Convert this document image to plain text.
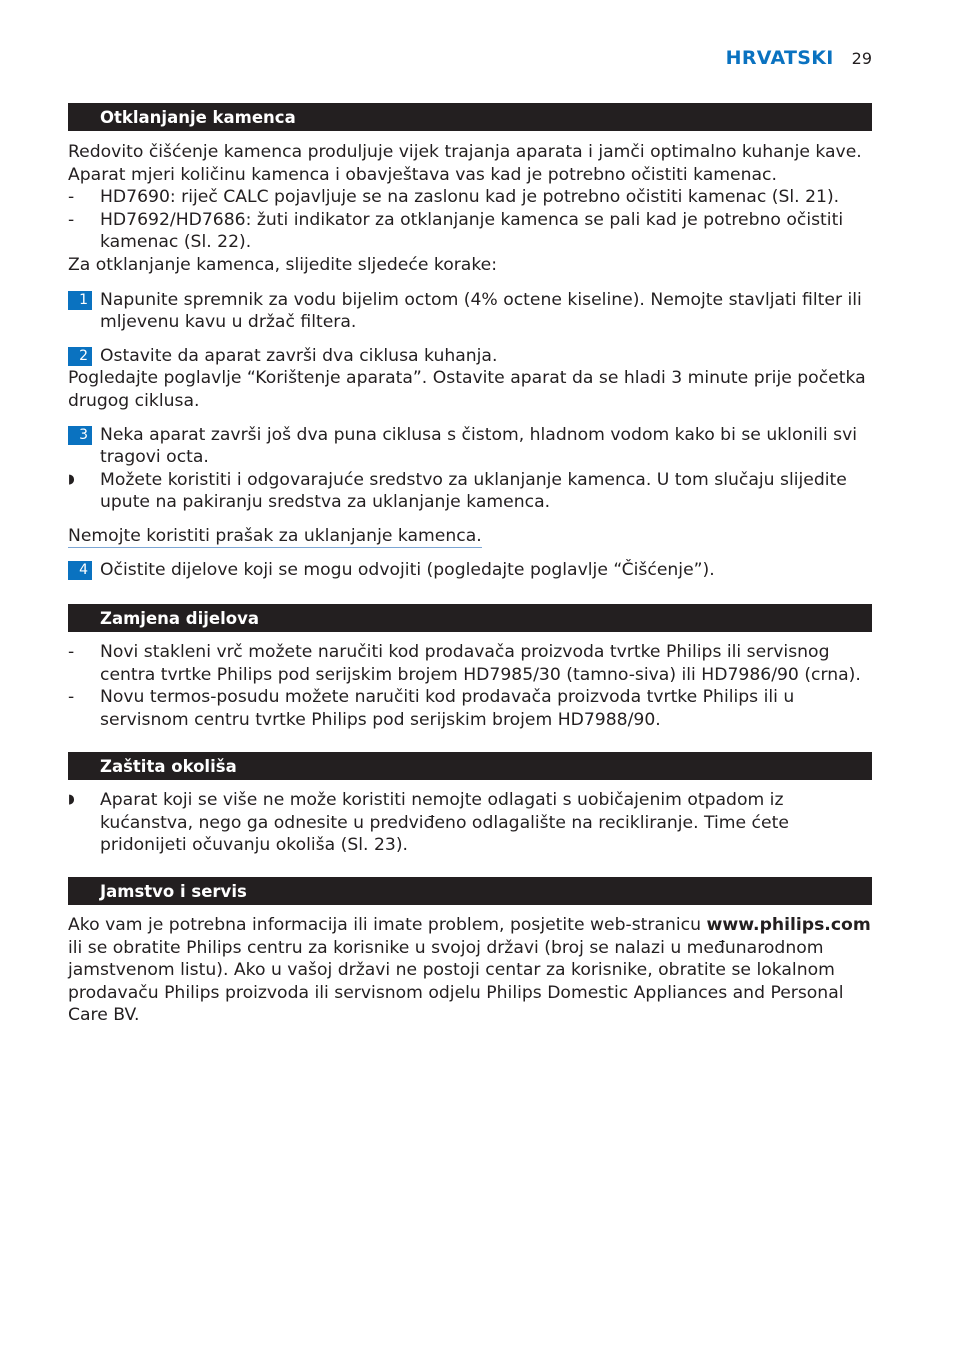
HRVATSKI 29
Otklanjanje kamenca

Redovito čišćenje kamenca produljuje vijek trajanja aparata i jamči optimalno kuhanje kave. Aparat mjeri količinu kamenca i obavještava vas kad je potrebno očistiti kamenac.

-	HD7690: riječ CALC pojavljuje se na zaslonu kad je potrebno očistiti kamenac (Sl. 21).
-	HD7692/HD7686: žuti indikator za otklanjanje kamenca se pali kad je potrebno očistiti kamenac (Sl. 22).

Za otklanjanje kamenca, slijedite sljedeće korake:

1 Napunite spremnik za vodu bijelim octom (4% octene kiseline). Nemojte stavljati filter ili mljevenu kavu u držač filtera.
2 Ostavite da aparat završi dva ciklusa kuhanja.

Pogledajte poglavlje “Korištenje aparata”. Ostavite aparat da se hladi 3 minute prije početka drugog ciklusa.

3 Neka aparat završi još dva puna ciklusa s čistom, hladnom vodom kako bi se uklonili svi tragovi octa.
◗ Možete koristiti i odgovarajuće sredstvo za uklanjanje kamenca. U tom slučaju slijedite upute na pakiranju sredstva za uklanjanje kamenca.
Nemojte koristiti prašak za uklanjanje kamenca.
4 Očistite dijelove koji se mogu odvojiti (pogledajte poglavlje “Čišćenje”).
Zamjena dijelova
-	Novi stakleni vrč možete naručiti kod prodavača proizvoda tvrtke Philips ili servisnog centra tvrtke Philips pod serijskim brojem HD7985/30 (tamno-siva) ili HD7986/90 (crna).
-	Novu termos-posudu možete naručiti kod prodavača proizvoda tvrtke Philips ili u servisnom centru tvrtke Philips pod serijskim brojem HD7988/90.
Zaštita okoliša
◗ Aparat koji se više ne može koristiti nemojte odlagati s uobičajenim otpadom iz kućanstva, nego ga odnesite u predviđeno odlagalište na recikliranje. Time ćete pridonijeti očuvanju okoliša (Sl. 23).
Jamstvo i servis

Ako vam je potrebna informacija ili imate problem, posjetite web-stranicu www.philips.com ili se obratite Philips centru za korisnike u svojoj državi (broj se nalazi u međunarodnom jamstvenom listu). Ako u vašoj državi ne postoji centar za korisnike, obratite se lokalnom prodavaču Philips proizvoda ili servisnom odjelu Philips Domestic Appliances and Personal Care BV.
